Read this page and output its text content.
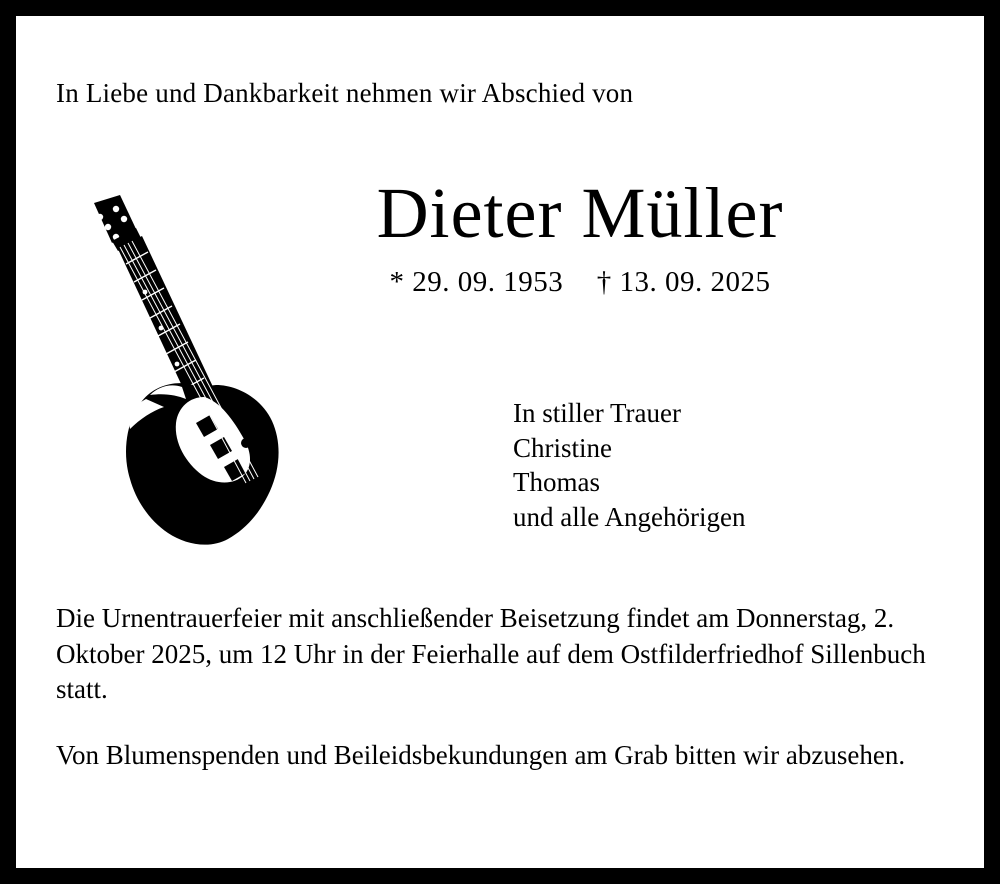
In Liebe und Dankbarkeit nehmen wir Abschied von
Dieter Müller
* 29. 09. 1953 † 13. 09. 2025
In stiller Trauer
Christine
Thomas
und alle Angehörigen
Die Urnentrauerfeier mit anschließender Beisetzung findet am Donnerstag, 2. Oktober 2025, um 12 Uhr in der Feierhalle auf dem Ostfilderfriedhof Sillenbuch statt.
Von Blumenspenden und Beileidsbekundungen am Grab bitten wir abzusehen.
